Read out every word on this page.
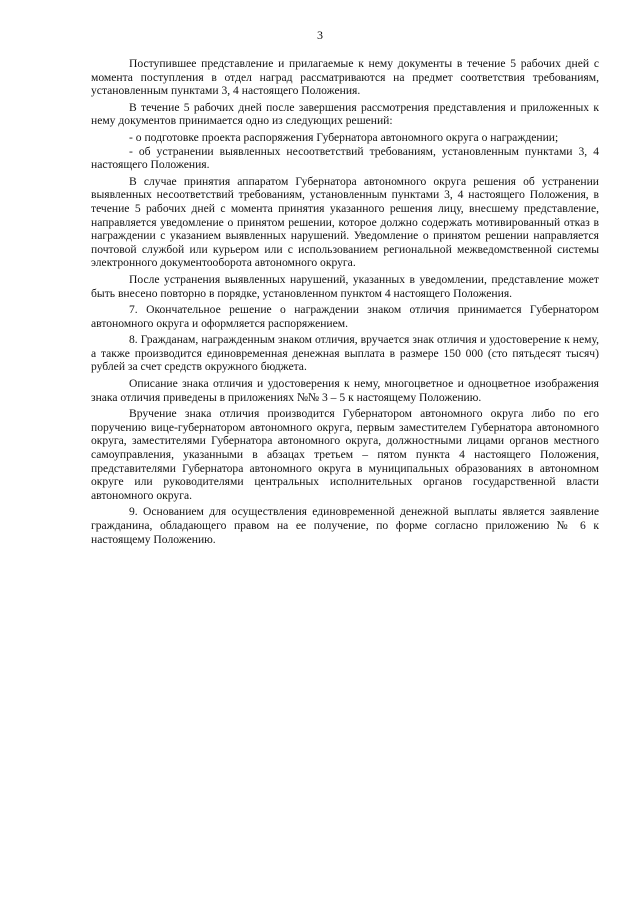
3

Поступившее представление и прилагаемые к нему документы в течение 5 рабочих дней с момента поступления в отдел наград рассматриваются на предмет соответствия требованиям, установленным пунктами 3, 4 настоящего Положения.

В течение 5 рабочих дней после завершения рассмотрения представления и приложенных к нему документов принимается одно из следующих решений:

- о подготовке проекта распоряжения Губернатора автономного округа о награждении;

- об устранении выявленных несоответствий требованиям, установленным пунктами 3, 4 настоящего Положения.

В случае принятия аппаратом Губернатора автономного округа решения об устранении выявленных несоответствий требованиям, установленным пунктами 3, 4 настоящего Положения, в течение 5 рабочих дней с момента принятия указанного решения лицу, внесшему представление, направляется уведомление о принятом решении, которое должно содержать мотивированный отказ в награждении с указанием выявленных нарушений. Уведомление о принятом решении направляется почтовой службой или курьером или с использованием региональной межведомственной системы электронного документооборота автономного округа.

После устранения выявленных нарушений, указанных в уведомлении, представление может быть внесено повторно в порядке, установленном пунктом 4 настоящего Положения.

7. Окончательное решение о награждении знаком отличия принимается Губернатором автономного округа и оформляется распоряжением.

8. Гражданам, награжденным знаком отличия, вручается знак отличия и удостоверение к нему, а также производится единовременная денежная выплата в размере 150 000 (сто пятьдесят тысяч) рублей за счет средств окружного бюджета.

Описание знака отличия и удостоверения к нему, многоцветное и одноцветное изображения знака отличия приведены в приложениях №№ 3 – 5 к настоящему Положению.

Вручение знака отличия производится Губернатором автономного округа либо по его поручению вице-губернатором автономного округа, первым заместителем Губернатора автономного округа, заместителями Губернатора автономного округа, должностными лицами органов местного самоуправления, указанными в абзацах третьем – пятом пункта 4 настоящего Положения, представителями Губернатора автономного округа в муниципальных образованиях в автономном округе или руководителями центральных исполнительных органов государственной власти автономного округа.

9. Основанием для осуществления единовременной денежной выплаты является заявление гражданина, обладающего правом на ее получение, по форме согласно приложению № 6 к настоящему Положению.
